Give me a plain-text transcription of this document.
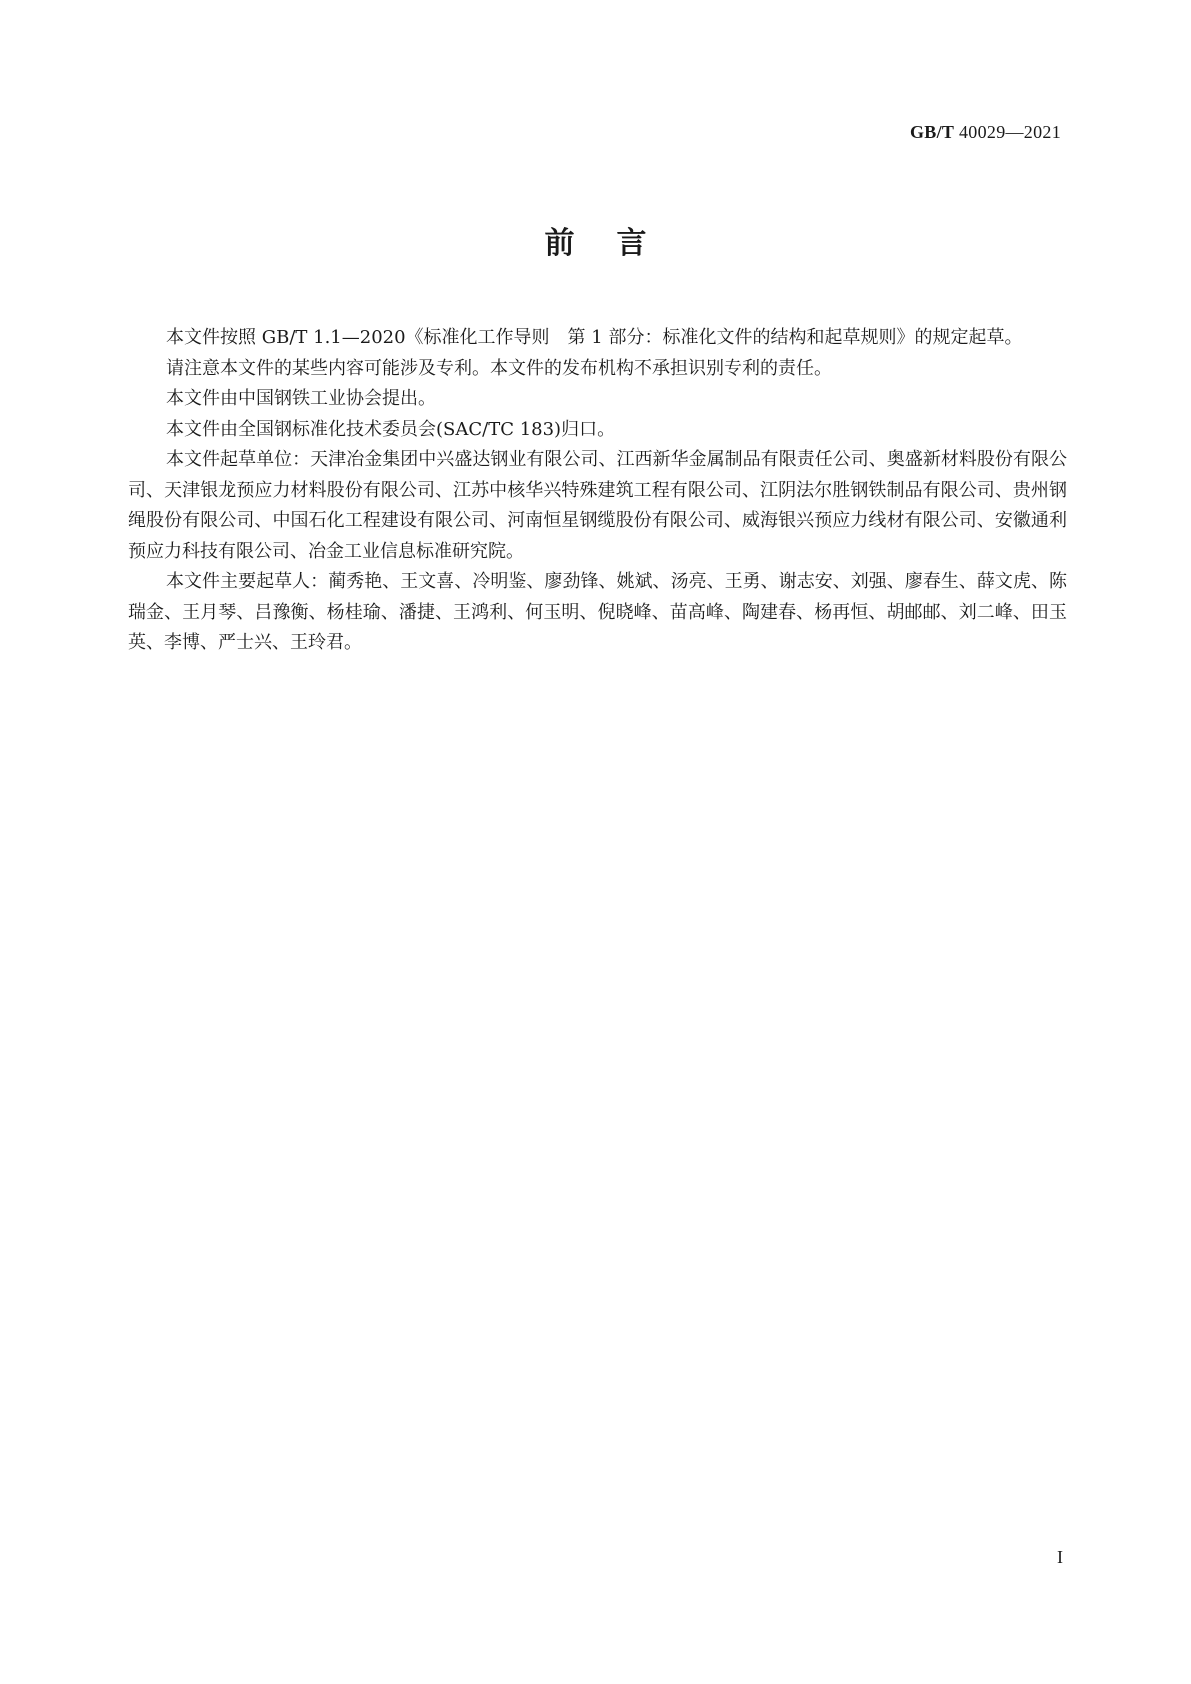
GB/T 40029—2021
前言

本文件按照 GB/T 1.1—2020《标准化工作导则　第 1 部分：标准化文件的结构和起草规则》的规定起草。

请注意本文件的某些内容可能涉及专利。本文件的发布机构不承担识别专利的责任。

本文件由中国钢铁工业协会提出。

本文件由全国钢标准化技术委员会(SAC/TC 183)归口。

本文件起草单位：天津冶金集团中兴盛达钢业有限公司、江西新华金属制品有限责任公司、奥盛新材料股份有限公司、天津银龙预应力材料股份有限公司、江苏中核华兴特殊建筑工程有限公司、江阴法尔胜钢铁制品有限公司、贵州钢绳股份有限公司、中国石化工程建设有限公司、河南恒星钢缆股份有限公司、威海银兴预应力线材有限公司、安徽通利预应力科技有限公司、冶金工业信息标准研究院。

本文件主要起草人：蔺秀艳、王文喜、冷明鉴、廖劲锋、姚斌、汤亮、王勇、谢志安、刘强、廖春生、薛文虎、陈瑞金、王月琴、吕豫衡、杨桂瑜、潘捷、王鸿利、何玉明、倪晓峰、苗高峰、陶建春、杨再恒、胡邮邮、刘二峰、田玉英、李博、严士兴、王玲君。

I
